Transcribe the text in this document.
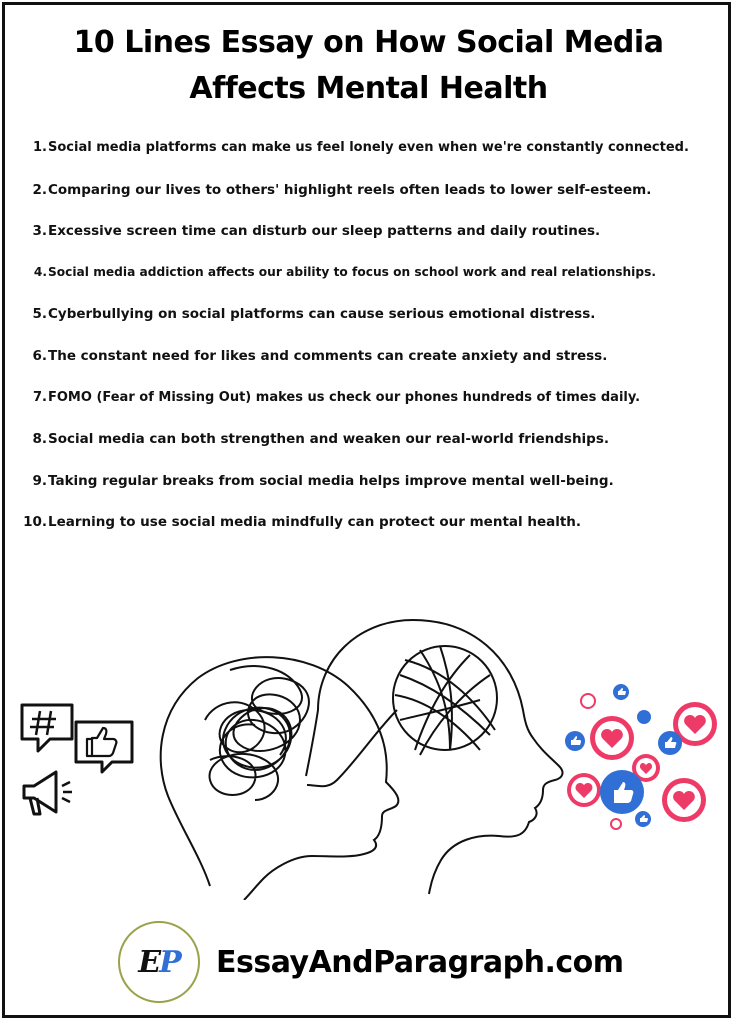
10 Lines Essay on How Social Media
Affects Mental Health
1. Social media platforms can make us feel lonely even when we're constantly connected.
2. Comparing our lives to others' highlight reels often leads to lower self-esteem.
3. Excessive screen time can disturb our sleep patterns and daily routines.
4. Social media addiction affects our ability to focus on school work and real relationships.
5. Cyberbullying on social platforms can cause serious emotional distress.
6. The constant need for likes and comments can create anxiety and stress.
7. FOMO (Fear of Missing Out) makes us check our phones hundreds of times daily.
8. Social media can both strengthen and weaken our real-world friendships.
9. Taking regular breaks from social media helps improve mental well-being.
10. Learning to use social media mindfully can protect our mental health.
EP EssayAndParagraph.com
